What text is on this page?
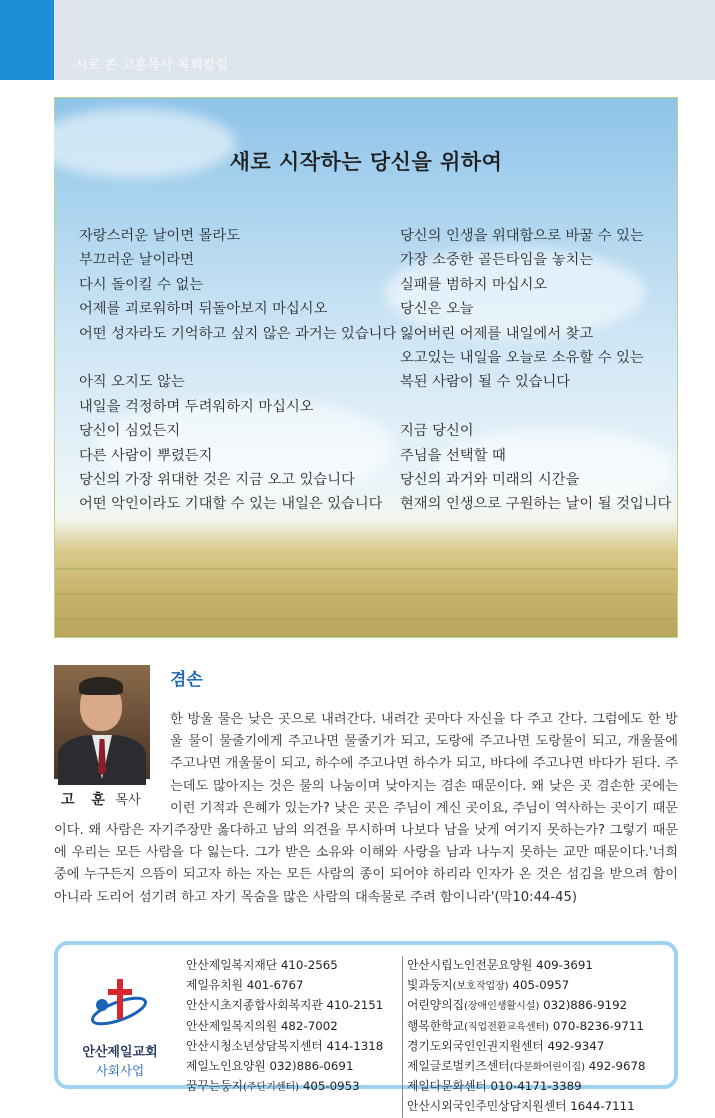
시로 쓴 고훈목사 목회칼럼
새로 시작하는 당신을 위하여
자랑스러운 날이면 몰라도
부끄러운 날이라면
다시 돌이킬 수 없는
어제를 괴로워하며 뒤돌아보지 마십시오
어떤 성자라도 기억하고 싶지 않은 과거는 있습니다
아직 오지도 않는
내일을 걱정하며 두려워하지 마십시오
당신이 심었든지
다른 사람이 뿌렸든지
당신의 가장 위대한 것은 지금 오고 있습니다
어떤 악인이라도 기대할 수 있는 내일은 있습니다
당신의 인생을 위대함으로 바꿀 수 있는
가장 소중한 골든타임을 놓치는
실패를 범하지 마십시오
당신은 오늘
잃어버린 어제를 내일에서 찾고
오고있는 내일을 오늘로 소유할 수 있는
복된 사람이 될 수 있습니다
지금 당신이
주님을 선택할 때
당신의 과거와 미래의 시간을
현재의 인생으로 구원하는 날이 될 것입니다
고 훈 목사
겸손
한 방울 물은 낮은 곳으로 내려간다. 내려간 곳마다 자신을 다 주고 간다. 그럼에도 한 방울 물이 물줄기에게 주고나면 물줄기가 되고, 도랑에 주고나면 도랑물이 되고, 개울물에 주고나면 개울물이 되고, 하수에 주고나면 하수가 되고, 바다에 주고나면 바다가 된다. 주는데도 많아지는 것은 물의 나눔이며 낮아지는 겸손 때문이다. 왜 낮은 곳 겸손한 곳에는 이런 기적과 은혜가 있는가? 낮은 곳은 주님이 계신 곳이요, 주님이 역사하는 곳이기 때문이다. 왜 사람은 자기주장만 옳다하고 남의 의견을 무시하며 나보다 남을 낫게 여기지 못하는가? 그렇기 때문에 우리는 모든 사람을 다 잃는다. 그가 받은 소유와 이해와 사랑을 남과 나누지 못하는 교만 때문이다.'너희 중에 누구든지 으뜸이 되고자 하는 자는 모든 사람의 종이 되어야 하리라 인자가 온 것은 섬김을 받으려 함이 아니라 도리어 섬기려 하고 자기 목숨을 많은 사람의 대속물로 주려 함이니라'(막10:44-45)
안산제일교회
사회사업
안산제일복지재단 410-2565
제일유치원 401-6767
안산시초지종합사회복지관 410-2151
안산제일복지의원 482-7002
안산시청소년상담복지센터 414-1318
제일노인요양원 032)886-0691
꿈꾸는둥지(주단기센터) 405-0953
안산시립노인전문요양원 409-3691
빛과둥지(보호작업장) 405-0957
어린양의집(장애인생활시설) 032)886-9192
행복한학교(직업전환교육센터) 070-8236-9711
경기도외국인인권지원센터 492-9347
제일글로벌키즈센터(다문화어린이집) 492-9678
제일다문화센터 010-4171-3389
안산시외국인주민상담지원센터 1644-7111
